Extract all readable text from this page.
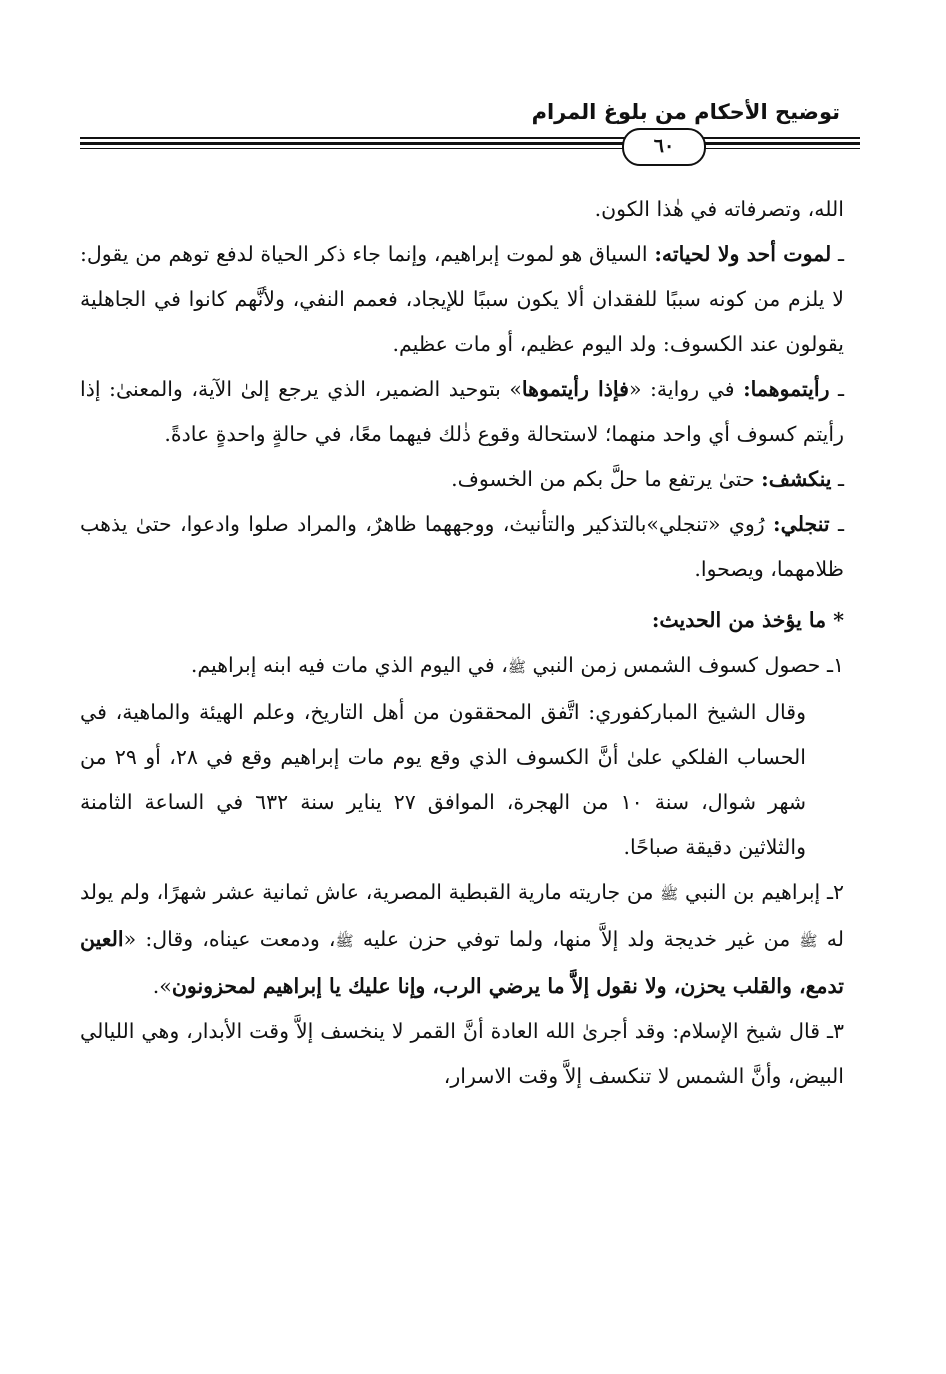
توضيح الأحكام من بلوغ المرام
٦٠

الله، وتصرفاته في هٰذا الكون.

ـ لموت أحد ولا لحياته: السياق هو لموت إبراهيم، وإنما جاء ذكر الحياة لدفع توهم من يقول: لا يلزم من كونه سببًا للفقدان ألا يكون سببًا للإيجاد، فعمم النفي، ولأنَّهم كانوا في الجاهلية يقولون عند الكسوف: ولد اليوم عظيم، أو مات عظيم.

ـ رأيتموهما: في رواية: «فإذا رأيتموها» بتوحيد الضمير، الذي يرجع إلىٰ الآية، والمعنىٰ: إذا رأيتم كسوف أي واحد منهما؛ لاستحالة وقوع ذٰلك فيهما معًا، في حالةٍ واحدةٍ عادةً.

ـ ينكشف: حتىٰ يرتفع ما حلَّ بكم من الخسوف.

ـ تنجلي: رُوي «تنجلي»بالتذكير والتأنيث، ووجههما ظاهرٌ، والمراد صلوا وادعوا، حتىٰ يذهب ظلامهما، ويصحوا.

* ما يؤخذ من الحديث:

١ـ حصول كسوف الشمس زمن النبي ﷺ، في اليوم الذي مات فيه ابنه إبراهيم.

وقال الشيخ المباركفوري: اتَّفق المحققون من أهل التاريخ، وعلم الهيئة والماهية، في الحساب الفلكي علىٰ أنَّ الكسوف الذي وقع يوم مات إبراهيم وقع في ٢٨، أو ٢٩ من شهر شوال، سنة ١٠ من الهجرة، الموافق ٢٧ يناير سنة ٦٣٢ في الساعة الثامنة والثلاثين دقيقة صباحًا.

٢ـ إبراهيم بن النبي ﷺ من جاريته مارية القبطية المصرية، عاش ثمانية عشر شهرًا، ولم يولد له ﷺ من غير خديجة ولد إلاَّ منها، ولما توفي حزن عليه ﷺ، ودمعت عيناه، وقال: «العين تدمع، والقلب يحزن، ولا نقول إلاَّ ما يرضي الرب، وإنا عليك يا إبراهيم لمحزونون».

٣ـ قال شيخ الإسلام: وقد أجرىٰ الله العادة أنَّ القمر لا ينخسف إلاَّ وقت الأبدار، وهي الليالي البيض، وأنَّ الشمس لا تنكسف إلاَّ وقت الاسرار،
